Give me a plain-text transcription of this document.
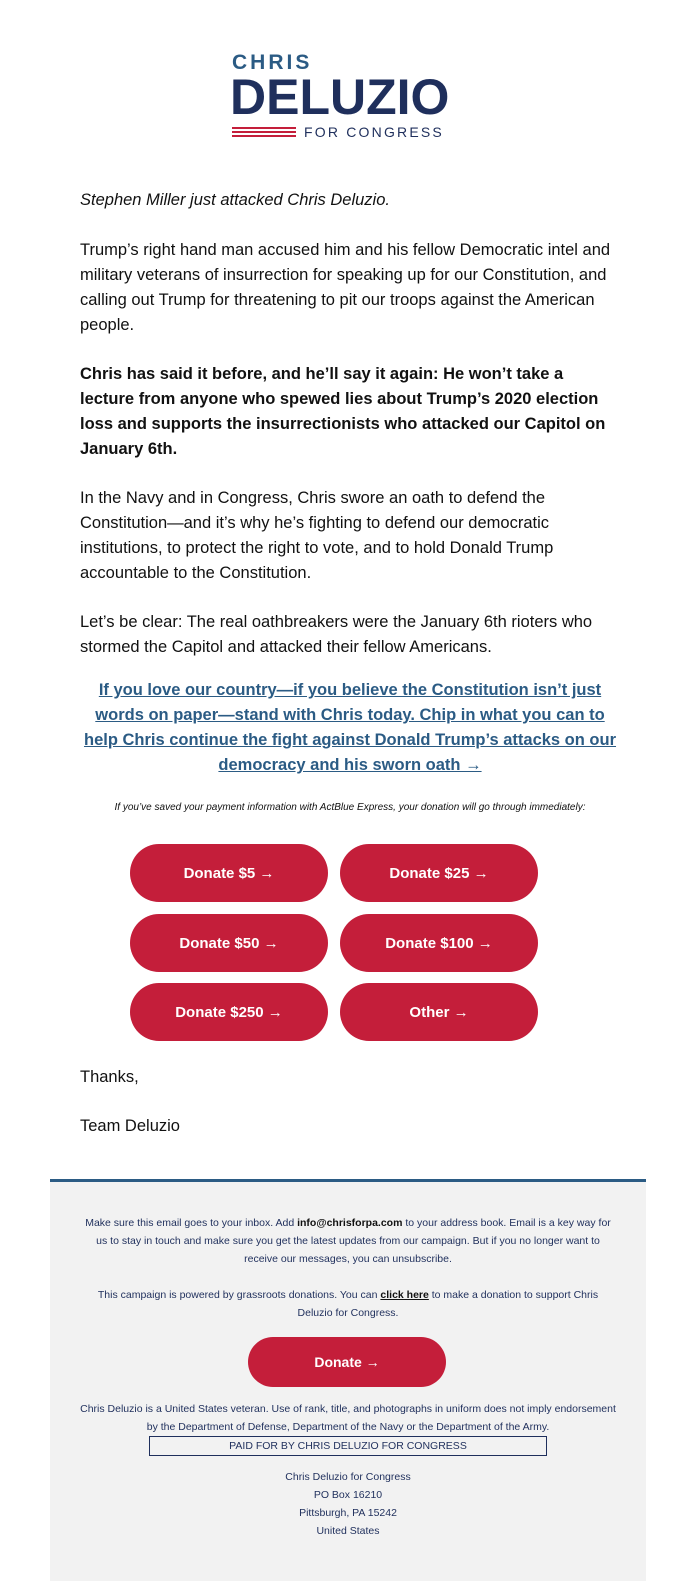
CHRIS
DELUZIO
FOR CONGRESS
Stephen Miller just attacked Chris Deluzio.
Trump’s right hand man accused him and his fellow Democratic intel and military veterans of insurrection for speaking up for our Constitution, and calling out Trump for threatening to pit our troops against the American people.
Chris has said it before, and he’ll say it again: He won’t take a lecture from anyone who spewed lies about Trump’s 2020 election loss and supports the insurrectionists who attacked our Capitol on January 6th.
In the Navy and in Congress, Chris swore an oath to defend the Constitution—and it’s why he’s fighting to defend our democratic institutions, to protect the right to vote, and to hold Donald Trump accountable to the Constitution.
Let’s be clear: The real oathbreakers were the January 6th rioters who stormed the Capitol and attacked their fellow Americans.
If you love our country—if you believe the Constitution isn’t just words on paper—stand with Chris today. Chip in what you can to help Chris continue the fight against Donald Trump’s attacks on our democracy and his sworn oath →
If you’ve saved your payment information with ActBlue Express, your donation will go through immediately:
Donate $5 →	Donate $25 →
Donate $50 →	Donate $100 →
Donate $250 →	Other →
Thanks,
Team Deluzio
Make sure this email goes to your inbox. Add info@chrisforpa.com to your address book. Email is a key way for us to stay in touch and make sure you get the latest updates from our campaign. But if you no longer want to receive our messages, you can unsubscribe.
This campaign is powered by grassroots donations. You can click here to make a donation to support Chris Deluzio for Congress.
Donate →
Chris Deluzio is a United States veteran. Use of rank, title, and photographs in uniform does not imply endorsement by the Department of Defense, Department of the Navy or the Department of the Army.
PAID FOR BY CHRIS DELUZIO FOR CONGRESS
Chris Deluzio for Congress
PO Box 16210
Pittsburgh, PA 15242
United States
